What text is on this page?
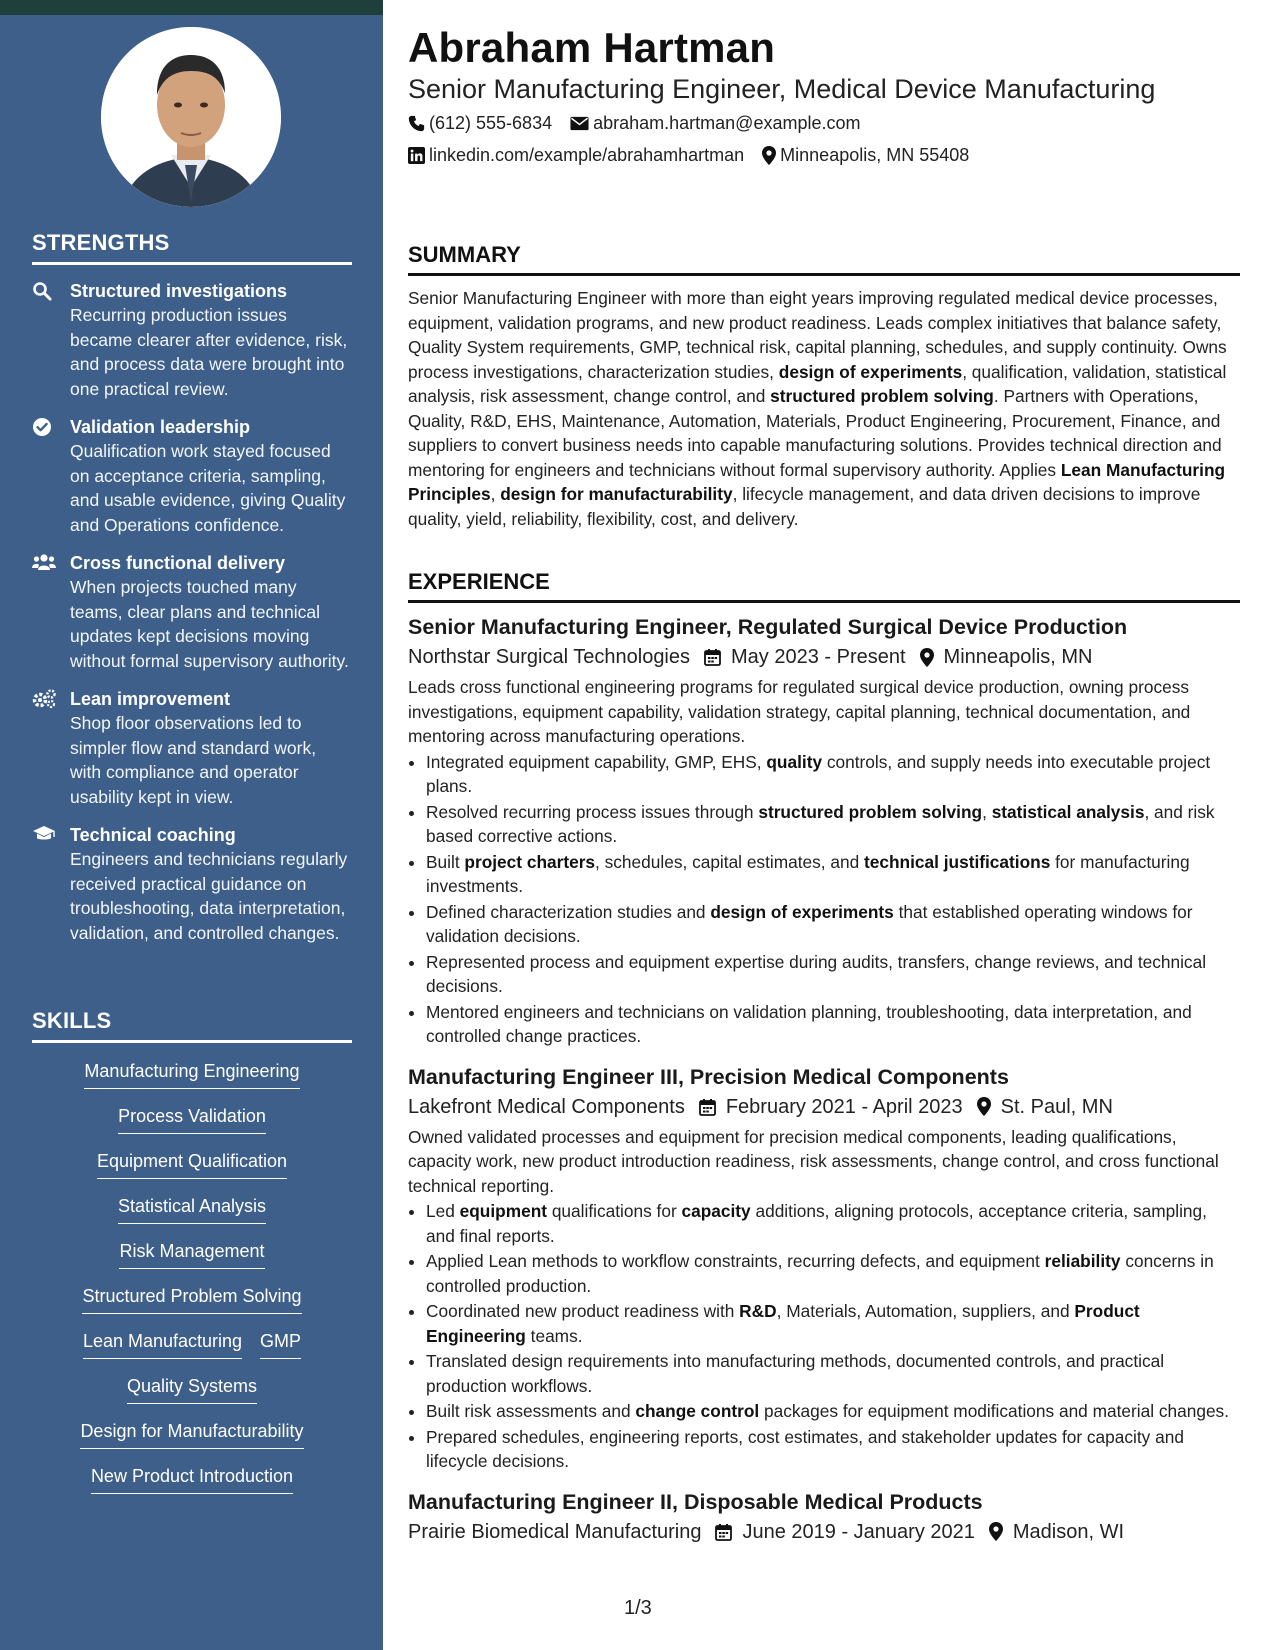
STRENGTHS
Structured investigations
Recurring production issues became clearer after evidence, risk, and process data were brought into one practical review.
Validation leadership
Qualification work stayed focused on acceptance criteria, sampling, and usable evidence, giving Quality and Operations confidence.
Cross functional delivery
When projects touched many teams, clear plans and technical updates kept decisions moving without formal supervisory authority.
Lean improvement
Shop floor observations led to simpler flow and standard work, with compliance and operator usability kept in view.
Technical coaching
Engineers and technicians regularly received practical guidance on troubleshooting, data interpretation, validation, and controlled changes.
SKILLS
Manufacturing Engineering
Process Validation
Equipment Qualification
Statistical Analysis
Risk Management
Structured Problem Solving
Lean Manufacturing GMP
Quality Systems
Design for Manufacturability
New Product Introduction
Abraham Hartman
Senior Manufacturing Engineer, Medical Device Manufacturing
(612) 555-6834 abraham.hartman@example.com
linkedin.com/example/abrahamhartman Minneapolis, MN 55408
SUMMARY

Senior Manufacturing Engineer with more than eight years improving regulated medical device processes, equipment, validation programs, and new product readiness. Leads complex initiatives that balance safety, Quality System requirements, GMP, technical risk, capital planning, schedules, and supply continuity. Owns process investigations, characterization studies, design of experiments, qualification, validation, statistical analysis, risk assessment, change control, and structured problem solving. Partners with Operations, Quality, R&D, EHS, Maintenance, Automation, Materials, Product Engineering, Procurement, Finance, and suppliers to convert business needs into capable manufacturing solutions. Provides technical direction and mentoring for engineers and technicians without formal supervisory authority. Applies Lean Manufacturing Principles, design for manufacturability, lifecycle management, and data driven decisions to improve quality, yield, reliability, flexibility, cost, and delivery.

EXPERIENCE
Senior Manufacturing Engineer, Regulated Surgical Device Production
Northstar Surgical Technologies May 2023 - Present Minneapolis, MN
Leads cross functional engineering programs for regulated surgical device production, owning process investigations, equipment capability, validation strategy, capital planning, technical documentation, and mentoring across manufacturing operations.
• Integrated equipment capability, GMP, EHS, quality controls, and supply needs into executable project plans.
• Resolved recurring process issues through structured problem solving, statistical analysis, and risk based corrective actions.
• Built project charters, schedules, capital estimates, and technical justifications for manufacturing investments.
• Defined characterization studies and design of experiments that established operating windows for validation decisions.
• Represented process and equipment expertise during audits, transfers, change reviews, and technical decisions.
• Mentored engineers and technicians on validation planning, troubleshooting, data interpretation, and controlled change practices.
Manufacturing Engineer III, Precision Medical Components
Lakefront Medical Components February 2021 - April 2023 St. Paul, MN
Owned validated processes and equipment for precision medical components, leading qualifications, capacity work, new product introduction readiness, risk assessments, change control, and cross functional technical reporting.
• Led equipment qualifications for capacity additions, aligning protocols, acceptance criteria, sampling, and final reports.
• Applied Lean methods to workflow constraints, recurring defects, and equipment reliability concerns in controlled production.
• Coordinated new product readiness with R&D, Materials, Automation, suppliers, and Product Engineering teams.
• Translated design requirements into manufacturing methods, documented controls, and practical production workflows.
• Built risk assessments and change control packages for equipment modifications and material changes.
• Prepared schedules, engineering reports, cost estimates, and stakeholder updates for capacity and lifecycle decisions.
Manufacturing Engineer II, Disposable Medical Products
Prairie Biomedical Manufacturing June 2019 - January 2021 Madison, WI
1/3
